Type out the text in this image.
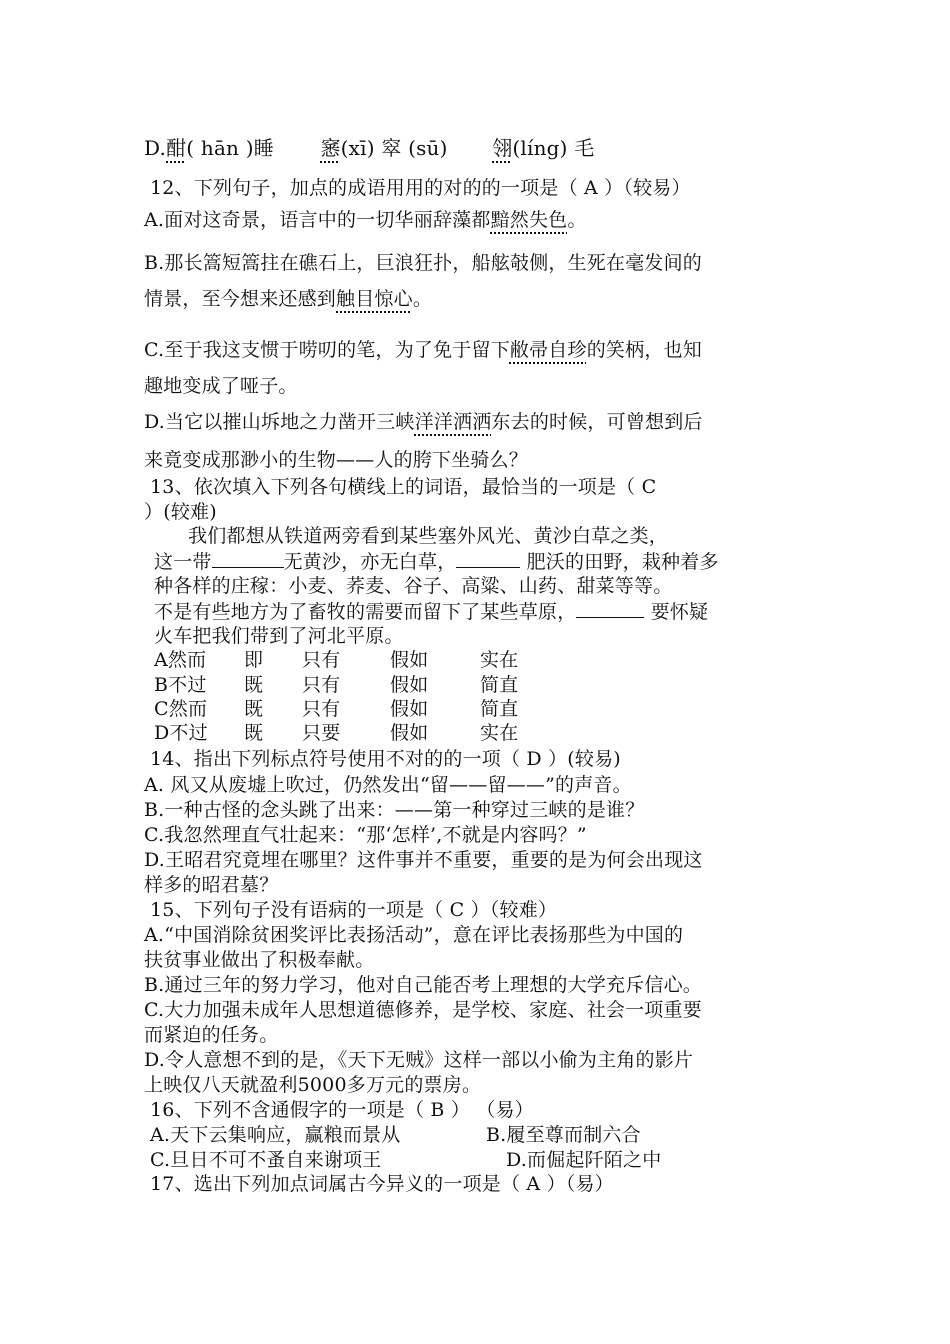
D.酣( hān )睡 窸(xī) 窣 (sū) 翎(líng) 毛
12、下列句子，加点的成语用用的对的的一项是（ A ）（较易）
A.面对这奇景，语言中的一切华丽辞藻都黯然失色。
B.那长篙短篙拄在礁石上，巨浪狂扑，船舷攲侧，生死在毫发间的
情景，至今想来还感到触目惊心。
C.至于我这支惯于唠叨的笔，为了免于留下敝帚自珍的笑柄，也知
趣地变成了哑子。
D.当它以摧山坼地之力凿开三峡洋洋洒洒东去的时候，可曾想到后
来竟变成那渺小的生物——人的胯下坐骑么？
13、依次填入下列各句横线上的词语，最恰当的一项是（ C
）(较难)
我们都想从铁道两旁看到某些塞外风光、黄沙白草之类，
这一带	无黄沙，亦无白草，	肥沃的田野，栽种着多
种各样的庄稼：小麦、荞麦、谷子、高粱、山药、甜菜等等。
不是有些地方为了畜牧的需要而留下了某些草原，	要怀疑
火车把我们带到了河北平原。
A然而 即 只有	假如	实在
B不过 既 只有	假如	简直
C然而 既 只有	假如	简直
D不过 既 只要	假如	实在
14、指出下列标点符号使用不对的的一项（ D ）(较易)
A. 风又从废墟上吹过，仍然发出“留——留——”的声音。
B.一种古怪的念头跳了出来：——第一种穿过三峡的是谁？
C.我忽然理直气壮起来：“那‘怎样’,不就是内容吗？”
D.王昭君究竟埋在哪里？这件事并不重要，重要的是为何会出现这
样多的昭君墓？
15、下列句子没有语病的一项是（ C ）（较难）
A.“中国消除贫困奖评比表扬活动”，意在评比表扬那些为中国的
扶贫事业做出了积极奉献。
B.通过三年的努力学习，他对自己能否考上理想的大学充斥信心。
C.大力加强未成年人思想道德修养，是学校、家庭、社会一项重要
而紧迫的任务。
D.令人意想不到的是，《天下无贼》这样一部以小偷为主角的影片
上映仅八天就盈利5000多万元的票房。
16、下列不含通假字的一项是（ B ） （易）
A.天下云集响应，赢粮而景从	B.履至尊而制六合
C.旦日不可不蚤自来谢项王	D.而倔起阡陌之中
17、选出下列加点词属古今异义的一项是（ A ）（易）
